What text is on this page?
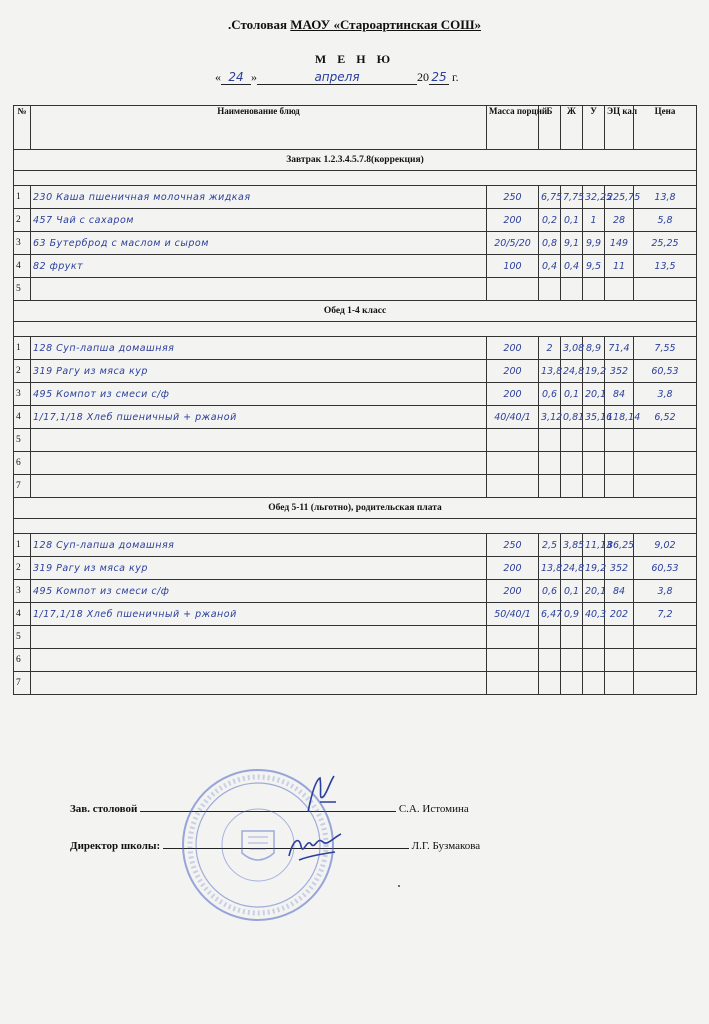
.Столовая МАОУ «Староартинская СОШ»
М Е Н Ю
« 24 »	апреля	20 25 г.
№	Наименование блюд	Масса порций	Б	Ж	У	ЭЦ кал	Цена
Завтрак 1.2.3.4.5.7.8(коррекция)							

1	230 Каша пшеничная молочная жидкая	250	6,75	7,75	32,25	225,75	13,8
2	457 Чай с сахаром	200	0,2	0,1	1	28	5,8
3	63 Бутерброд с маслом и сыром	20/5/20	0,8	9,1	9,9	149	25,25
4	82 фрукт	100	0,4	0,4	9,5	11	13,5
5							
Обед 1-4 класс							

1	128 Суп-лапша домашняя	200	2	3,08	8,9	71,4	7,55
2	319 Рагу из мяса кур	200	13,8	24,8	19,2	352	60,53
3	495 Компот из смеси с/ф	200	0,6	0,1	20,1	84	3,8
4	1/17,1/18 Хлеб пшеничный + ржаной	40/40/1	3,12	0,81	35,16	118,14	6,52
5							
6							
7							
Обед 5-11 (льготно), родительская плата							

1	128 Суп-лапша домашняя	250	2,5	3,85	11,13	86,25	9,02
2	319 Рагу из мяса кур	200	13,8	24,8	19,2	352	60,53
3	495 Компот из смеси с/ф	200	0,6	0,1	20,1	84	3,8
4	1/17,1/18 Хлеб пшеничный + ржаной	50/40/1	6,47	0,9	40,3	202	7,2
5							
6							
7							
Зав. столовой	С.А. Истомина
Директор школы:	Л.Г. Бузмакова
